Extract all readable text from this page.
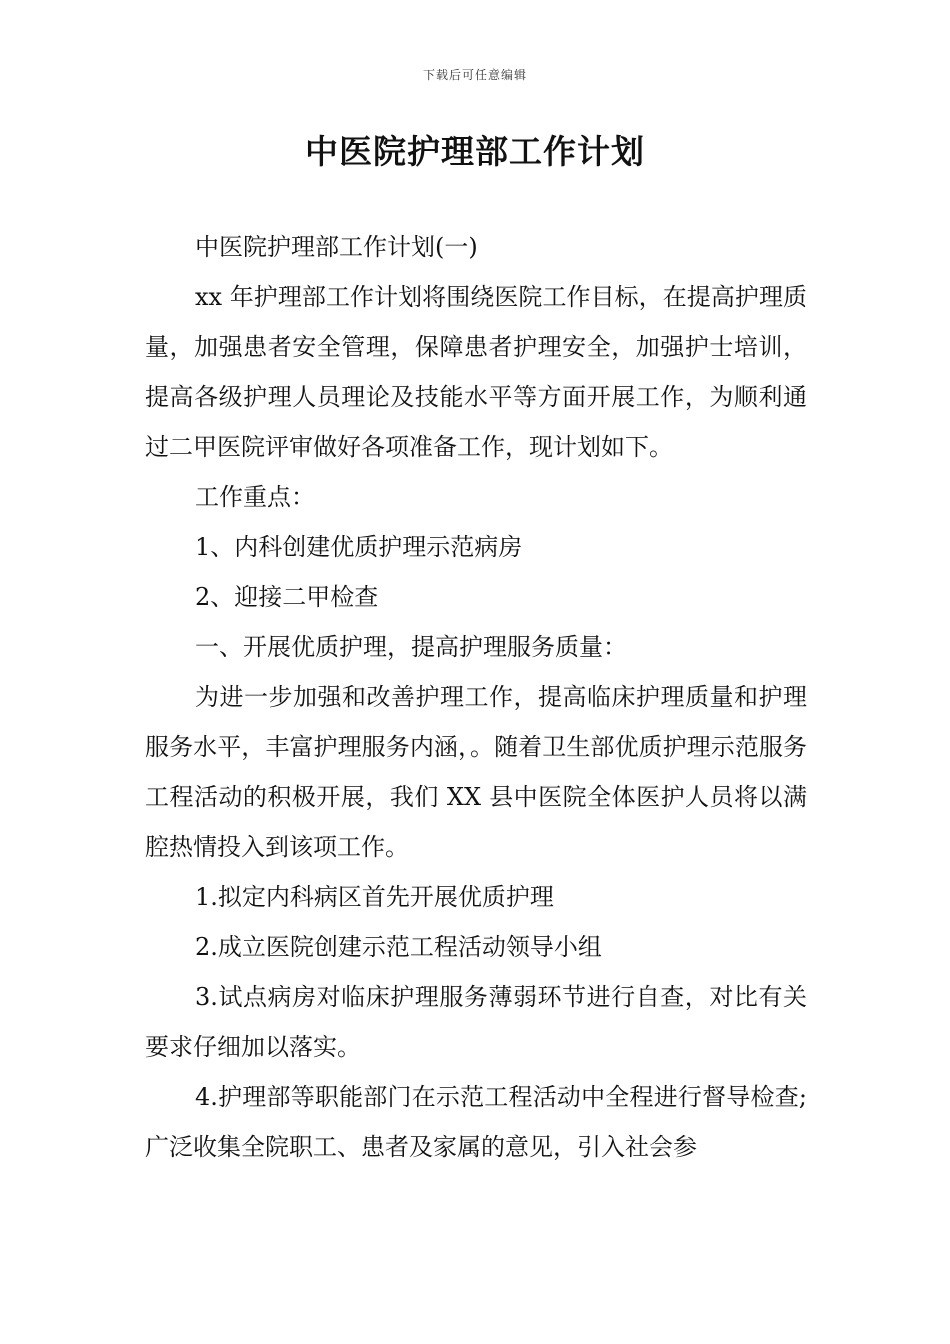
下载后可任意编辑
中医院护理部工作计划

中医院护理部工作计划(一)

xx 年护理部工作计划将围绕医院工作目标，在提高护理质量，加强患者安全管理，保障患者护理安全，加强护士培训，提高各级护理人员理论及技能水平等方面开展工作，为顺利通过二甲医院评审做好各项准备工作，现计划如下。

工作重点：

1、内科创建优质护理示范病房

2、迎接二甲检查

一、开展优质护理，提高护理服务质量：

为进一步加强和改善护理工作，提高临床护理质量和护理服务水平，丰富护理服务内涵，。随着卫生部优质护理示范服务工程活动的积极开展，我们 XX 县中医院全体医护人员将以满腔热情投入到该项工作。

1.拟定内科病区首先开展优质护理

2.成立医院创建示范工程活动领导小组

3.试点病房对临床护理服务薄弱环节进行自查，对比有关要求仔细加以落实。

4.护理部等职能部门在示范工程活动中全程进行督导检查;广泛收集全院职工、患者及家属的意见，引入社会参
